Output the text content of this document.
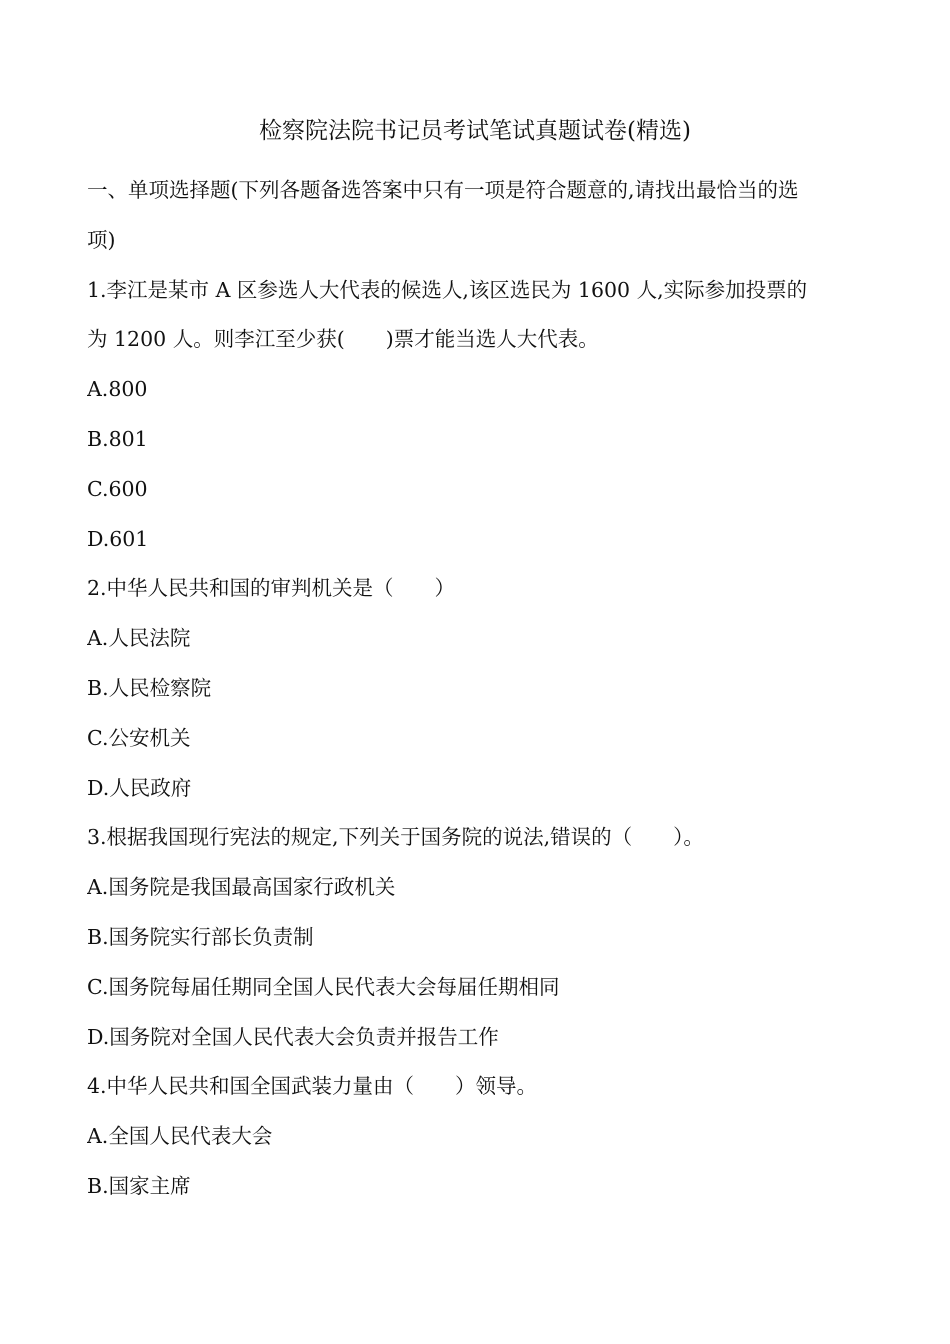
检察院法院书记员考试笔试真题试卷(精选)
一、单项选择题(下列各题备选答案中只有一项是符合题意的,请找出最恰当的选
项)
1.李江是某市 A 区参选人大代表的候选人,该区选民为 1600 人,实际参加投票的
为 1200 人。则李江至少获(　　)票才能当选人大代表。
A.800
B.801
C.600
D.601
2.中华人民共和国的审判机关是（　　）
A.人民法院
B.人民检察院
C.公安机关
D.人民政府
3.根据我国现行宪法的规定,下列关于国务院的说法,错误的（　　）。
A.国务院是我国最高国家行政机关
B.国务院实行部长负责制
C.国务院每届任期同全国人民代表大会每届任期相同
D.国务院对全国人民代表大会负责并报告工作
4.中华人民共和国全国武装力量由（　　）领导。
A.全国人民代表大会
B.国家主席
